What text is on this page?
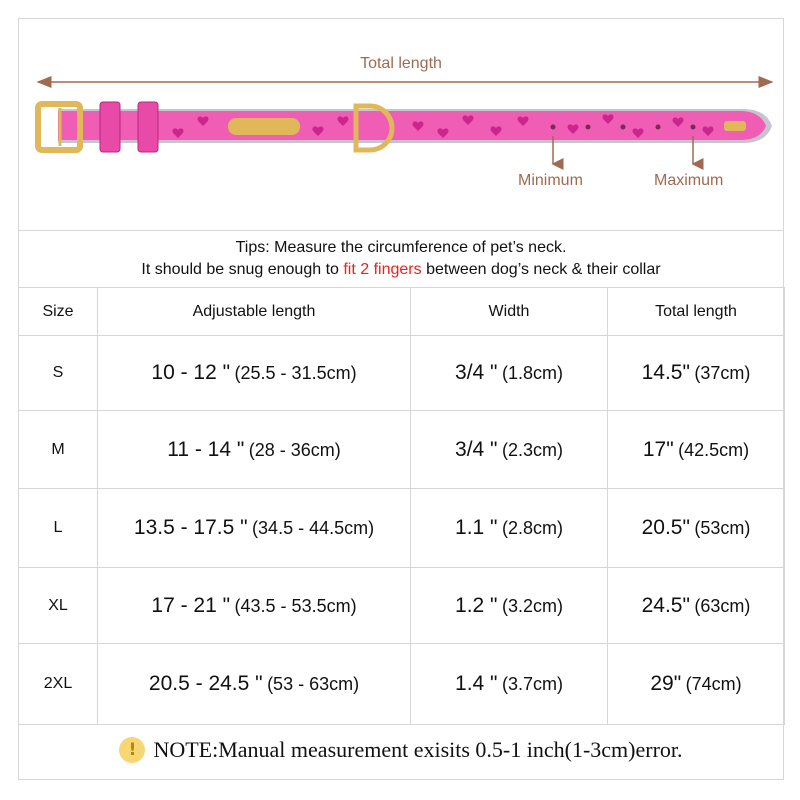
Total length
Minimum	Maximum
Tips: Measure the circumference of pet’s neck.
It should be snug enough to fit 2 fingers between dog’s neck & their collar
Size	Adjustable length	Width	Total length
S	10 - 12 " (25.5 - 31.5cm)	3/4 " (1.8cm)	14.5" (37cm)
M	11 - 14 " (28 - 36cm)	3/4 " (2.3cm)	17" (42.5cm)
L	13.5 - 17.5 " (34.5 - 44.5cm)	1.1 " (2.8cm)	20.5" (53cm)
XL	17 - 21 " (43.5 - 53.5cm)	1.2 " (3.2cm)	24.5" (63cm)
2XL	20.5 - 24.5 " (53 - 63cm)	1.4 " (3.7cm)	29" (74cm)
! NOTE:Manual measurement exisits 0.5-1 inch(1-3cm)error.
